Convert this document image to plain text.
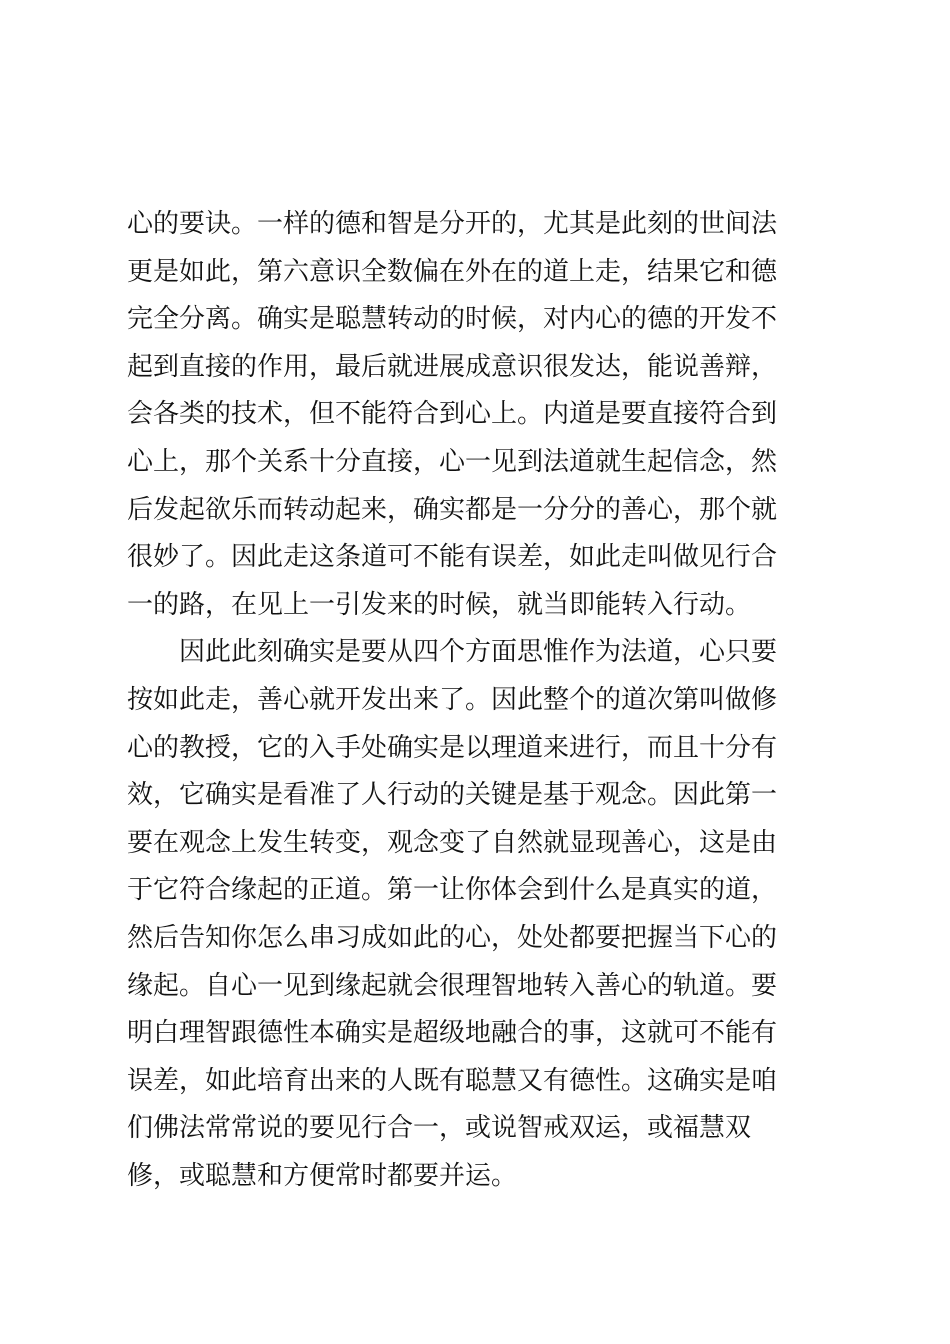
心的要诀。一样的德和智是分开的，尤其是此刻的世间法
更是如此，第六意识全数偏在外在的道上走，结果它和德
完全分离。确实是聪慧转动的时候，对内心的德的开发不
起到直接的作用，最后就进展成意识很发达，能说善辩，
会各类的技术，但不能符合到心上。内道是要直接符合到
心上，那个关系十分直接，心一见到法道就生起信念，然
后发起欲乐而转动起来，确实都是一分分的善心，那个就
很妙了。因此走这条道可不能有误差，如此走叫做见行合
一的路，在见上一引发来的时候，就当即能转入行动。
因此此刻确实是要从四个方面思惟作为法道，心只要
按如此走，善心就开发出来了。因此整个的道次第叫做修
心的教授，它的入手处确实是以理道来进行，而且十分有
效，它确实是看准了人行动的关键是基于观念。因此第一
要在观念上发生转变，观念变了自然就显现善心，这是由
于它符合缘起的正道。第一让你体会到什么是真实的道，
然后告知你怎么串习成如此的心，处处都要把握当下心的
缘起。自心一见到缘起就会很理智地转入善心的轨道。要
明白理智跟德性本确实是超级地融合的事，这就可不能有
误差，如此培育出来的人既有聪慧又有德性。这确实是咱
们佛法常常说的要见行合一，或说智戒双运，或福慧双
修，或聪慧和方便常时都要并运。
